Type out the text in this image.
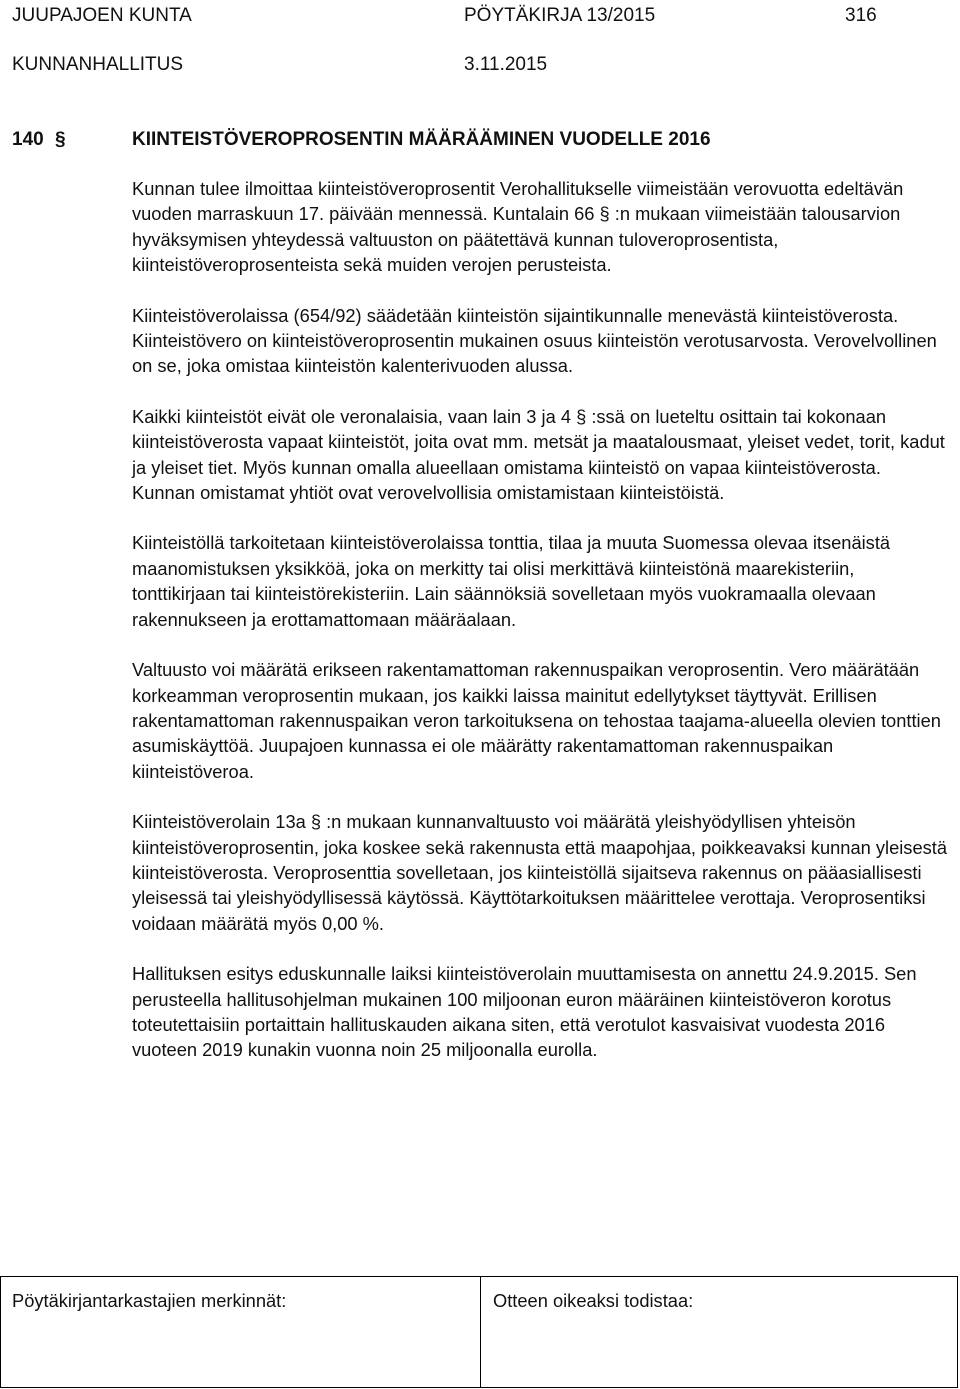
JUUPAJOEN KUNTA	PÖYTÄKIRJA 13/2015	316
KUNNANHALLITUS	3.11.2015
140 §	KIINTEISTÖVEROPROSENTIN MÄÄRÄÄMINEN VUODELLE 2016

Kunnan tulee ilmoittaa kiinteistöveroprosentit Verohallitukselle viimeistään verovuotta edeltävän vuoden marraskuun 17. päivään mennessä. Kuntalain 66 § :n mukaan viimeistään talousarvion hyväksymisen yhteydessä valtuuston on päätettävä kunnan tuloveroprosentista, kiinteistöveroprosenteista sekä muiden verojen perusteista.

Kiinteistöverolaissa (654/92) säädetään kiinteistön sijaintikunnalle menevästä kiinteistöverosta. Kiinteistövero on kiinteistöveroprosentin mukainen osuus kiinteistön verotusarvosta. Verovelvollinen on se, joka omistaa kiinteistön kalenterivuoden alussa.

Kaikki kiinteistöt eivät ole veronalaisia, vaan lain 3 ja 4 § :ssä on lueteltu osittain tai kokonaan kiinteistöverosta vapaat kiinteistöt, joita ovat mm. metsät ja maatalousmaat, yleiset vedet, torit, kadut ja yleiset tiet. Myös kunnan omalla alueellaan omistama kiinteistö on vapaa kiinteistöverosta. Kunnan omistamat yhtiöt ovat verovelvollisia omistamistaan kiinteistöistä.

Kiinteistöllä tarkoitetaan kiinteistöverolaissa tonttia, tilaa ja muuta Suomessa olevaa itsenäistä maanomistuksen yksikköä, joka on merkitty tai olisi merkittävä kiinteistönä maarekisteriin, tonttikirjaan tai kiinteistörekisteriin. Lain säännöksiä sovelletaan myös vuokramaalla olevaan rakennukseen ja erottamattomaan määräalaan.

Valtuusto voi määrätä erikseen rakentamattoman rakennuspaikan veroprosentin. Vero määrätään korkeamman veroprosentin mukaan, jos kaikki laissa mainitut edellytykset täyttyvät. Erillisen rakentamattoman rakennuspaikan veron tarkoituksena on tehostaa taajama-alueella olevien tonttien asumiskäyttöä. Juupajoen kunnassa ei ole määrätty rakentamattoman rakennuspaikan kiinteistöveroa.

Kiinteistöverolain 13a § :n mukaan kunnanvaltuusto voi määrätä yleishyödyllisen yhteisön kiinteistöveroprosentin, joka koskee sekä rakennusta että maapohjaa, poikkeavaksi kunnan yleisestä kiinteistöverosta. Veroprosenttia sovelletaan, jos kiinteistöllä sijaitseva rakennus on pääasiallisesti yleisessä tai yleishyödyllisessä käytössä. Käyttötarkoituksen määrittelee verottaja. Veroprosentiksi voidaan määrätä myös 0,00 %.

Hallituksen esitys eduskunnalle laiksi kiinteistöverolain muuttamisesta on annettu 24.9.2015. Sen perusteella hallitusohjelman mukainen 100 miljoonan euron määräinen kiinteistöveron korotus toteutettaisiin portaittain hallituskauden aikana siten, että verotulot kasvaisivat vuodesta 2016 vuoteen 2019 kunakin vuonna noin 25 miljoonalla eurolla.

Pöytäkirjantarkastajien merkinnät:	Otteen oikeaksi todistaa:
